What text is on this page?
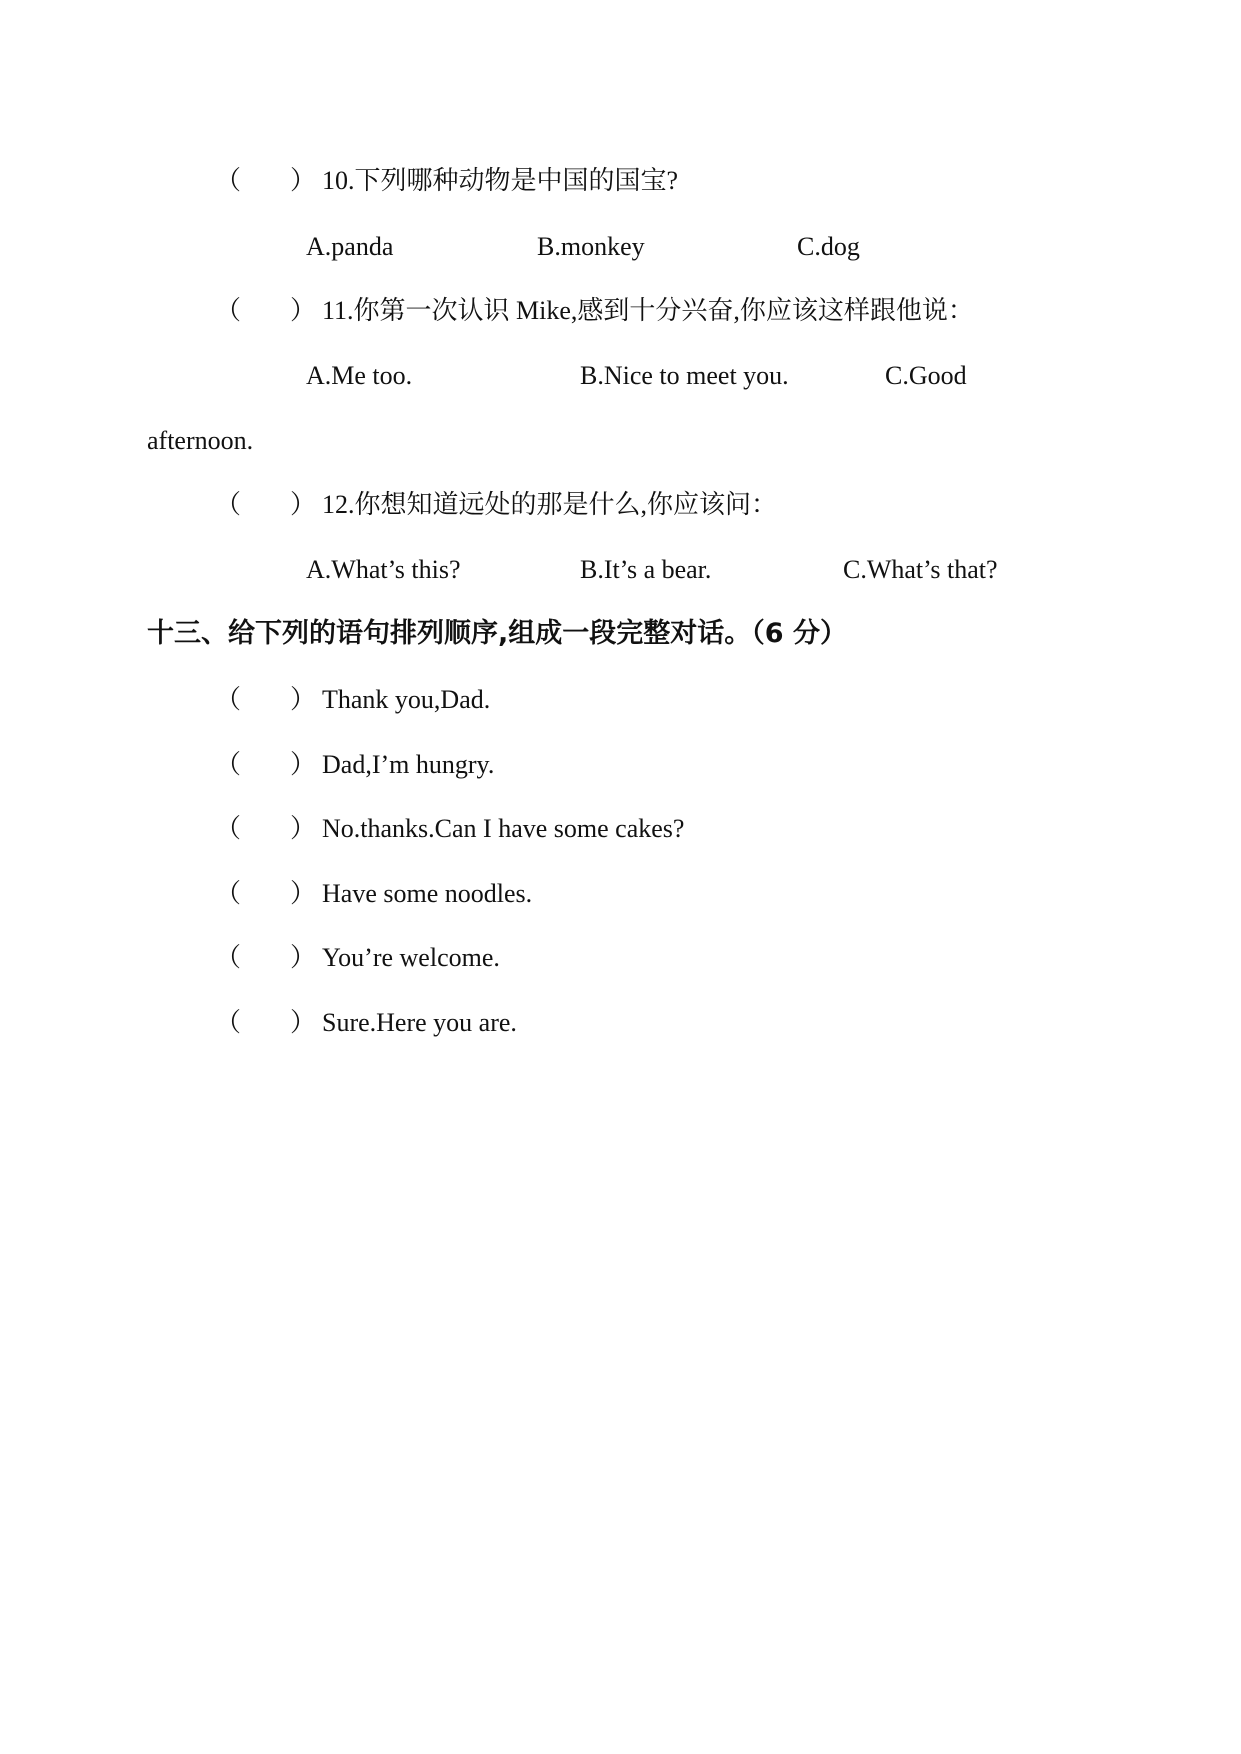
（ ） 10.下列哪种动物是中国的国宝?
A.panda	B.monkey	C.dog
（ ） 11.你第一次认识 Mike,感到十分兴奋,你应该这样跟他说：
A.Me too.	B.Nice to meet you.	C.Good
afternoon.
（ ） 12.你想知道远处的那是什么,你应该问：
A.What’s this?	B.It’s a bear.	C.What’s that?
十三、给下列的语句排列顺序,组成一段完整对话。（6 分）
（ ） Thank you,Dad.
（ ） Dad,I’m hungry.
（ ） No.thanks.Can I have some cakes?
（ ） Have some noodles.
（ ） You’re welcome.
（ ） Sure.Here you are.
